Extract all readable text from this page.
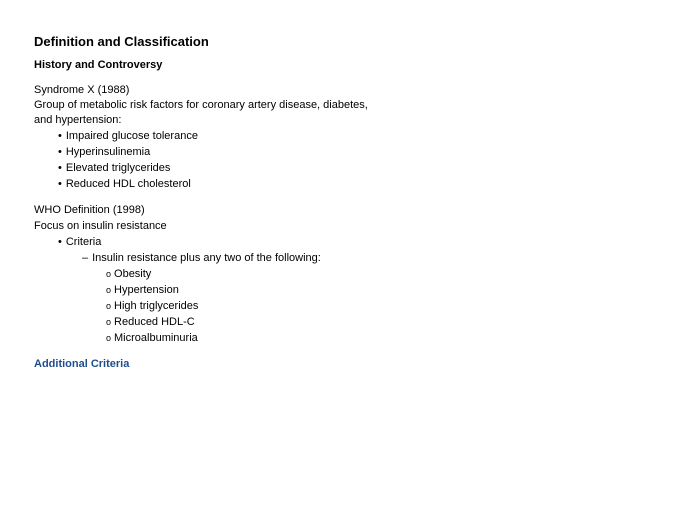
Definition and Classification
History and Controversy
Syndrome X (1988)
Group of metabolic risk factors for coronary artery disease, diabetes, and hypertension:
• Impaired glucose tolerance
• Hyperinsulinemia
• Elevated triglycerides
• Reduced HDL cholesterol
WHO Definition (1998)
Focus on insulin resistance
• Criteria
– Insulin resistance plus any two of the following:
o Obesity
o Hypertension
o High triglycerides
o Reduced HDL-C
o Microalbuminuria
Additional Criteria
